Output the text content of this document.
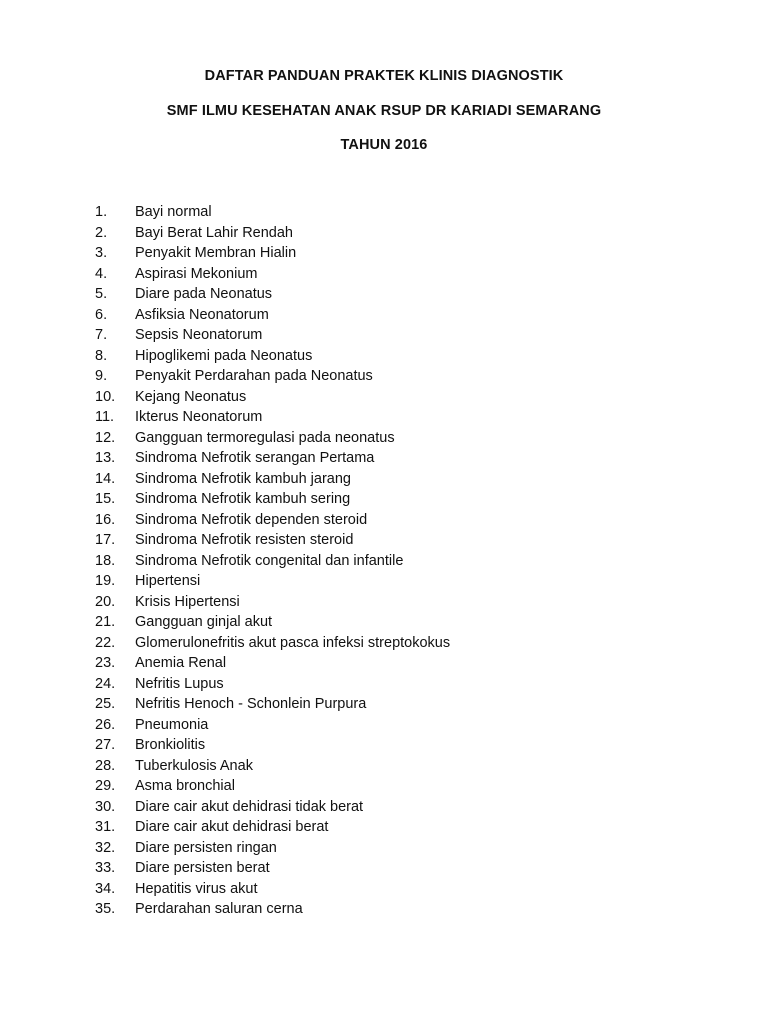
DAFTAR PANDUAN PRAKTEK KLINIS DIAGNOSTIK
SMF ILMU KESEHATAN ANAK RSUP DR KARIADI SEMARANG
TAHUN 2016
1.	Bayi normal
2.	Bayi Berat Lahir Rendah
3.	Penyakit Membran Hialin
4.	Aspirasi Mekonium
5.	Diare pada Neonatus
6.	Asfiksia Neonatorum
7.	Sepsis Neonatorum
8.	Hipoglikemi pada Neonatus
9.	Penyakit Perdarahan pada Neonatus
10.	Kejang Neonatus
11.	Ikterus Neonatorum
12.	Gangguan termoregulasi pada neonatus
13.	Sindroma Nefrotik serangan Pertama
14.	Sindroma Nefrotik kambuh jarang
15.	Sindroma Nefrotik kambuh sering
16.	Sindroma Nefrotik dependen steroid
17.	Sindroma Nefrotik resisten steroid
18.	Sindroma Nefrotik congenital dan infantile
19.	Hipertensi
20.	Krisis Hipertensi
21.	Gangguan ginjal akut
22.	Glomerulonefritis akut pasca infeksi streptokokus
23.	Anemia Renal
24.	Nefritis Lupus
25.	Nefritis Henoch - Schonlein Purpura
26.	Pneumonia
27.	Bronkiolitis
28.	Tuberkulosis Anak
29.	Asma bronchial
30.	Diare cair akut dehidrasi tidak berat
31.	Diare cair akut dehidrasi berat
32.	Diare persisten ringan
33.	Diare persisten berat
34.	Hepatitis virus akut
35.	Perdarahan saluran cerna
